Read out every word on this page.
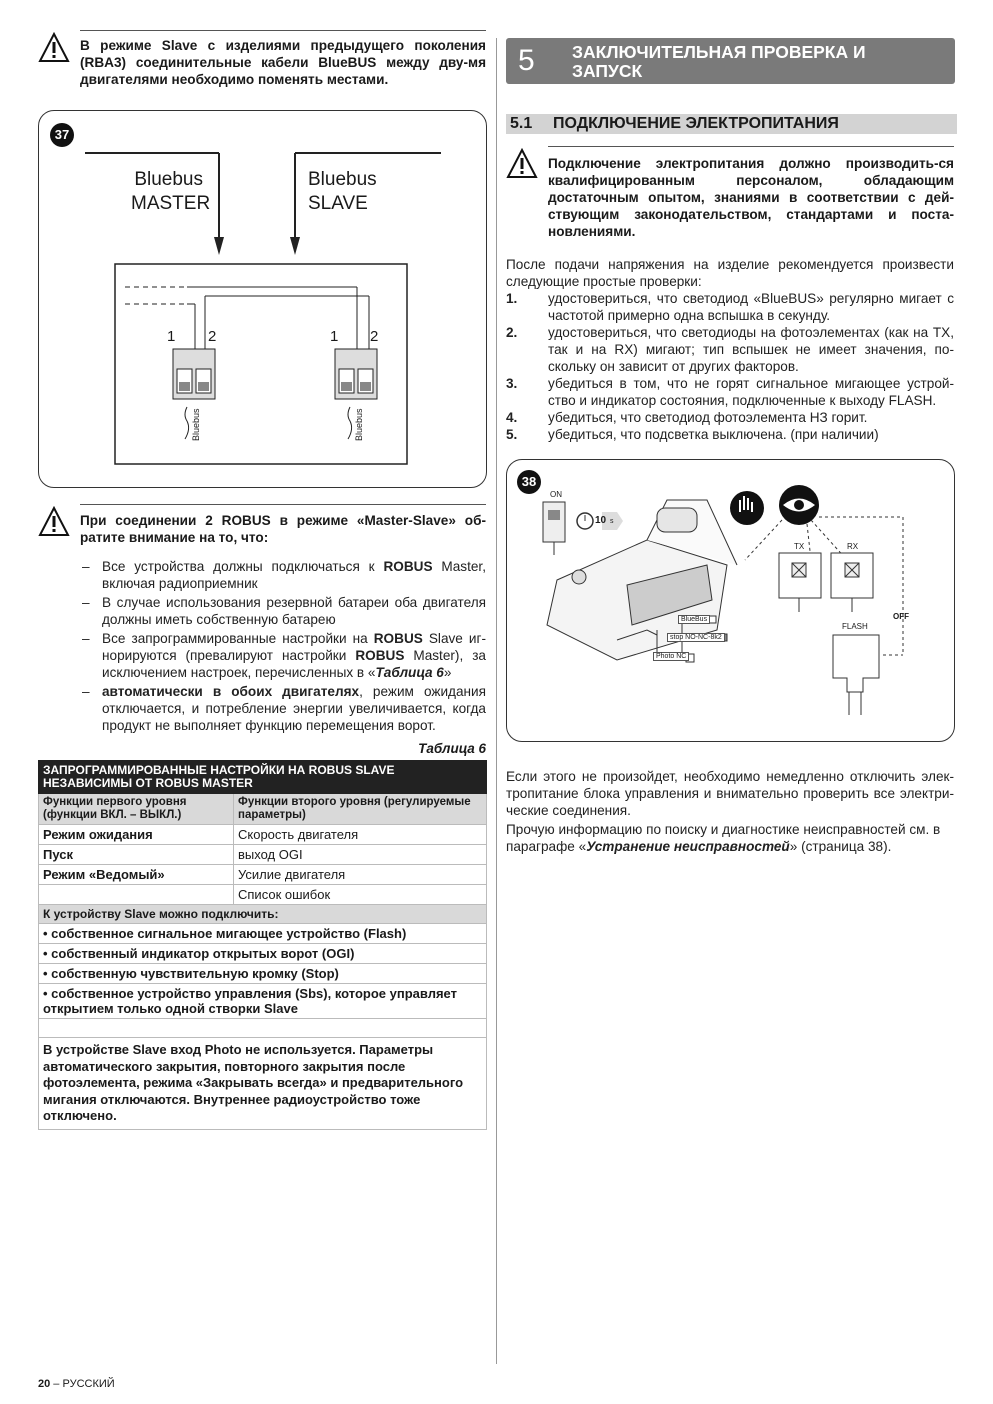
В режиме Slave с изделиями предыдущего поколения (RBA3) соединительные кабели BlueBUS между дву-мя двигателями необходимо поменять местами.
37
Bluebus
MASTER
Bluebus
SLAVE
1 2	1 2
Bluebus	Bluebus
При соединении 2 ROBUS в режиме «Master-Slave» об-ратите внимание на то, что:
– Все устройства должны подключаться к ROBUS Master, включая радиоприемник
– В случае использования резервной батареи оба двигателя должны иметь собственную батарею
– Все запрограммированные настройки на ROBUS Slave иг-норируются (превалируют настройки ROBUS Master), за исключением настроек, перечисленных в «Таблица 6»
– автоматически в обоих двигателях, режим ожидания отключается, и потребление энергии увеличивается, когда продукт не выполняет функцию перемещения ворот.
Таблица 6
ЗАПРОГРАММИРОВАННЫЕ НАСТРОЙКИ НА ROBUS SLAVE НЕЗАВИСИМЫ ОТ ROBUS MASTER	
Функции первого уровня (функции ВКЛ. – ВЫКЛ.)	Функции второго уровня (регулируемые параметры)
Режим ожидания	Скорость двигателя
Пуск	выход OGI
Режим «Ведомый»	Усилие двигателя
	Список ошибок
К устройству Slave можно подключить:	
• собственное сигнальное мигающее устройство (Flash)	
• собственный индикатор открытых ворот (OGI)	
• собственную чувствительную кромку (Stop)	
• собственное устройство управления (Sbs), которое управляет открытием только одной створки Slave	

В устройстве Slave вход Photo не используется. Параметры автоматического закрытия, повторного закрытия после фотоэлемента, режима «Закрывать всегда» и предварительного мигания отключаются. Внутреннее радиоустройство тоже отключено.	
5 ЗАКЛЮЧИТЕЛЬНАЯ ПРОВЕРКА И ЗАПУСК
5.1 ПОДКЛЮЧЕНИЕ ЭЛЕКТРОПИТАНИЯ
Подключение электропитания должно производить-ся квалифицированным персоналом, обладающим достаточным опытом, знаниями в соответствии с дей-ствующим законодательством, стандартами и поста-новлениями.
После подачи напряжения на изделие рекомендуется произвести следующие простые проверки:
1. удостовериться, что светодиод «BlueBUS» регулярно мигает с частотой примерно одна вспышка в секунду.
2. удостовериться, что светодиоды на фотоэлементах (как на TX, так и на RX) мигают; тип вспышек не имеет значения, по-скольку он зависит от других факторов.
3. убедиться в том, что не горят сигнальное мигающее устрой-ство и индикатор состояния, подключенные к выходу FLASH.
4. убедиться, что светодиод фотоэлемента НЗ горит.
5. убедиться, что подсветка выключена. (при наличии)
38
ON
10 s
TX	RX
OFF
FLASH
BlueBus
stop NO-NC-8k2
Photo NC
Если этого не произойдет, необходимо немедленно отключить элек-тропитание блока управления и внимательно проверить все электри-ческие соединения.
Прочую информацию по поиску и диагностике неисправностей см. в параграфе «Устранение неисправностей» (страница 38).
20 – РУССКИЙ
